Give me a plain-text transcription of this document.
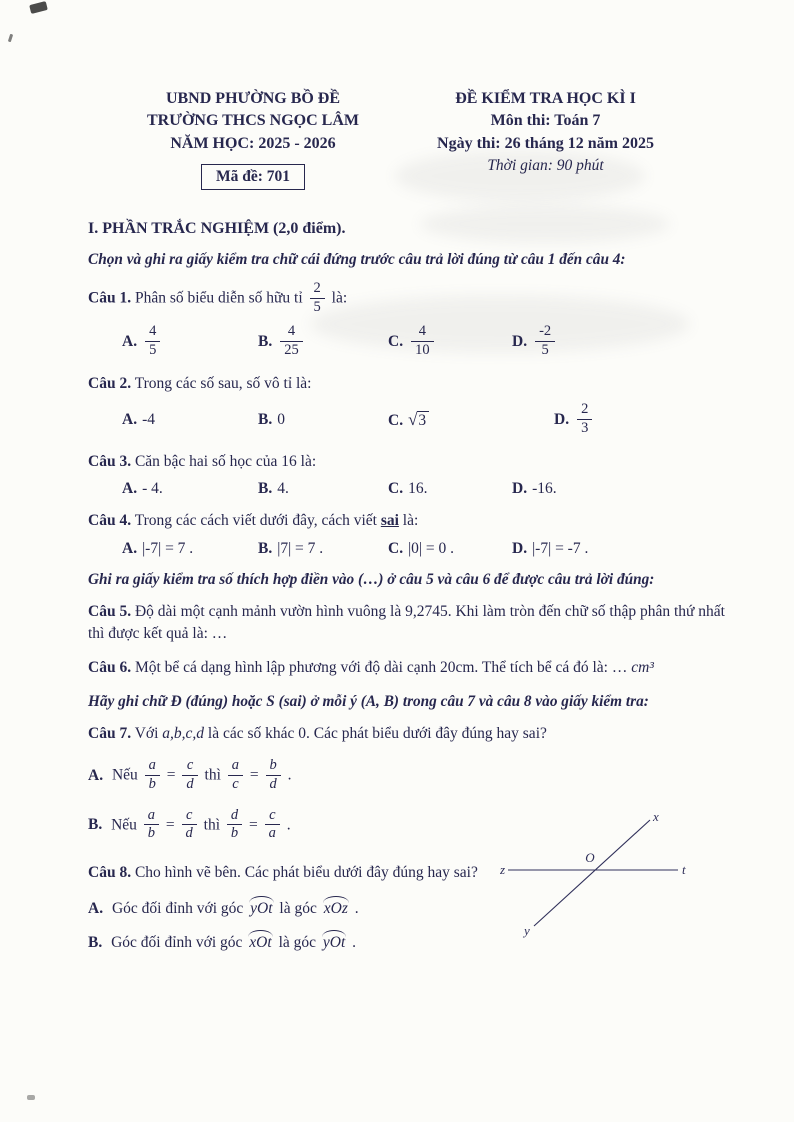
UBND PHƯỜNG BỒ ĐỀ
TRƯỜNG THCS NGỌC LÂM
NĂM HỌC: 2025 - 2026
Mã đề: 701
ĐỀ KIỂM TRA HỌC KÌ I
Môn thi: Toán 7
Ngày thi: 26 tháng 12 năm 2025
Thời gian: 90 phút

I. PHẦN TRẮC NGHIỆM (2,0 điểm).

Chọn và ghi ra giấy kiểm tra chữ cái đứng trước câu trả lời đúng từ câu 1 đến câu 4:

Câu 1. Phân số biểu diễn số hữu tỉ $\frac{2}{5}$ là:

A. $\frac{4}{5}$	B. $\frac{4}{25}$	C. $\frac{4}{10}$	D. $\frac{-2}{5}$

Câu 2. Trong các số sau, số vô tỉ là:

A. -4	B. 0	C. √3	D. $\frac{2}{3}$

Câu 3. Căn bậc hai số học của 16 là:

A. - 4.	B. 4.	C. 16.	D. -16.

Câu 4. Trong các cách viết dưới đây, cách viết sai là:

A. |-7| = 7 .	B. |7| = 7 .	C. |0| = 0 .	D. |-7| = -7 .

Ghi ra giấy kiểm tra số thích hợp điền vào (…) ở câu 5 và câu 6 để được câu trả lời đúng:

Câu 5. Độ dài một cạnh mảnh vườn hình vuông là 9,2745. Khi làm tròn đến chữ số thập phân thứ nhất thì được kết quả là: …

Câu 6. Một bể cá dạng hình lập phương với độ dài cạnh 20cm. Thể tích bể cá đó là: … cm³

Hãy ghi chữ Đ (đúng) hoặc S (sai) ở mỗi ý (A, B) trong câu 7 và câu 8 vào giấy kiểm tra:

Câu 7. Với a,b,c,d là các số khác 0. Các phát biểu dưới đây đúng hay sai?

A. Nếu $\frac{a}{b} = \frac{c}{d}$ thì $\frac{a}{c} = \frac{b}{d}$ .

B. Nếu $\frac{a}{b} = \frac{c}{d}$ thì $\frac{d}{b} = \frac{c}{a}$ .

Câu 8. Cho hình vẽ bên. Các phát biểu dưới đây đúng hay sai?

A. Góc đối đỉnh với góc yOt là góc xOz .

B. Góc đối đỉnh với góc xOt là góc yOt .

x
z
O
t
y
